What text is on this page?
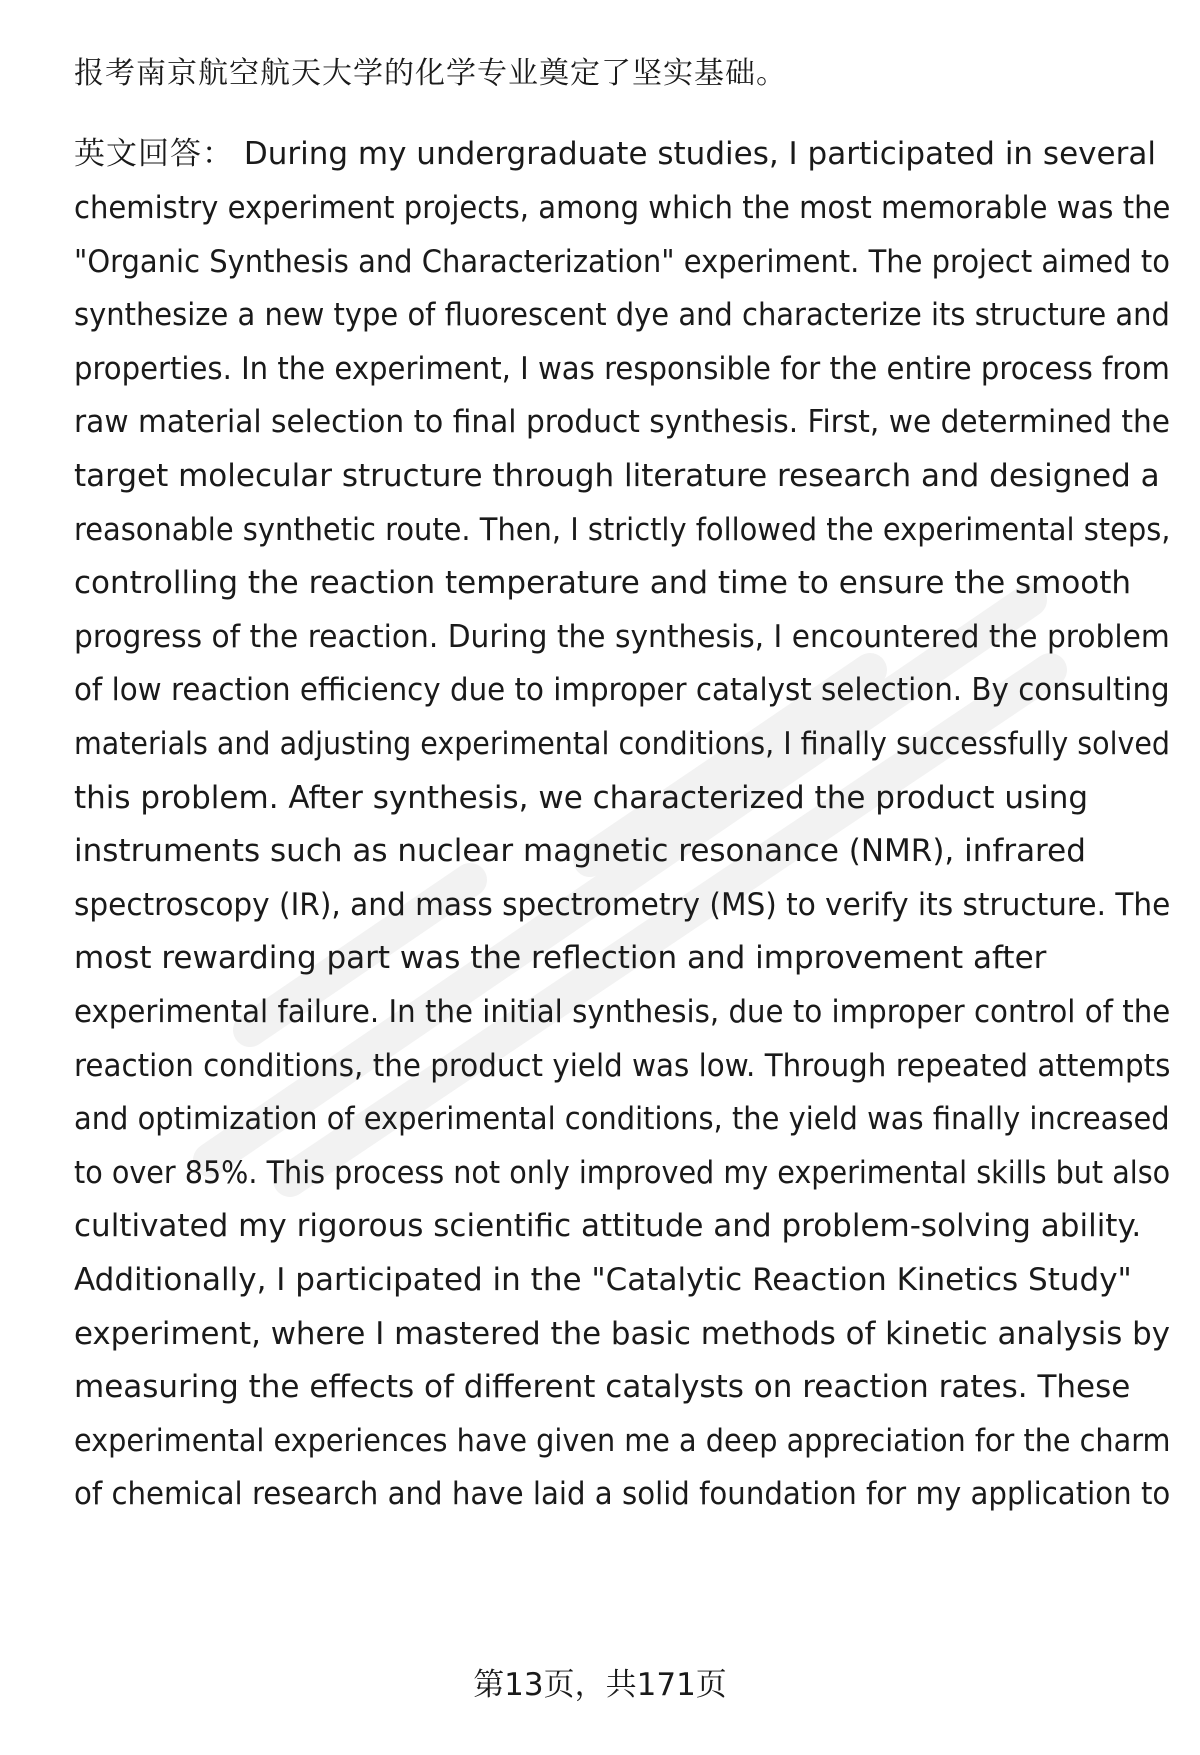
报考南京航空航天大学的化学专业奠定了坚实基础。
英文回答： During my undergraduate studies, I participated in several
chemistry experiment projects, among which the most memorable was the
"Organic Synthesis and Characterization" experiment. The project aimed to
synthesize a new type of fluorescent dye and characterize its structure and
properties. In the experiment, I was responsible for the entire process from
raw material selection to final product synthesis. First, we determined the
target molecular structure through literature research and designed a
reasonable synthetic route. Then, I strictly followed the experimental steps,
controlling the reaction temperature and time to ensure the smooth
progress of the reaction. During the synthesis, I encountered the problem
of low reaction efficiency due to improper catalyst selection. By consulting
materials and adjusting experimental conditions, I finally successfully solved
this problem. After synthesis, we characterized the product using
instruments such as nuclear magnetic resonance (NMR), infrared
spectroscopy (IR), and mass spectrometry (MS) to verify its structure. The
most rewarding part was the reflection and improvement after
experimental failure. In the initial synthesis, due to improper control of the
reaction conditions, the product yield was low. Through repeated attempts
and optimization of experimental conditions, the yield was finally increased
to over 85%. This process not only improved my experimental skills but also
cultivated my rigorous scientific attitude and problem-solving ability.
Additionally, I participated in the "Catalytic Reaction Kinetics Study"
experiment, where I mastered the basic methods of kinetic analysis by
measuring the effects of different catalysts on reaction rates. These
experimental experiences have given me a deep appreciation for the charm
of chemical research and have laid a solid foundation for my application to
第13页，共171页
